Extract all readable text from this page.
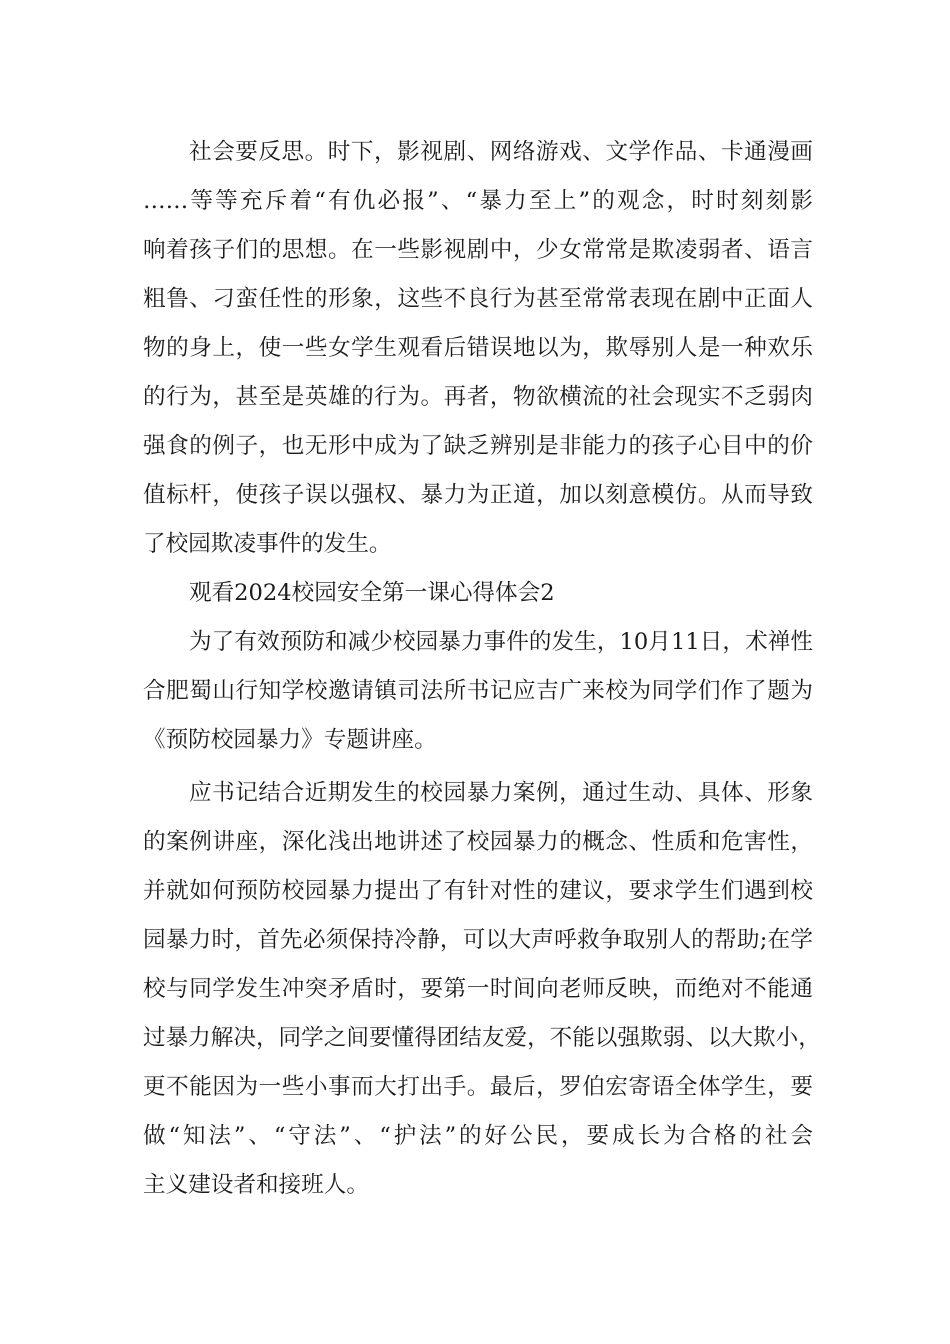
社会要反思。时下，影视剧、网络游戏、文学作品、卡通漫画
……等等充斥着“有仇必报”、“暴力至上”的观念，时时刻刻影
响着孩子们的思想。在一些影视剧中，少女常常是欺凌弱者、语言
粗鲁、刁蛮任性的形象，这些不良行为甚至常常表现在剧中正面人
物的身上，使一些女学生观看后错误地以为，欺辱别人是一种欢乐
的行为，甚至是英雄的行为。再者，物欲横流的社会现实不乏弱肉
强食的例子，也无形中成为了缺乏辨别是非能力的孩子心目中的价
值标杆，使孩子误以强权、暴力为正道，加以刻意模仿。从而导致
了校园欺凌事件的发生。

观看2024校园安全第一课心得体会2

为了有效预防和减少校园暴力事件的发生，10月11日，术禅性
合肥蜀山行知学校邀请镇司法所书记应吉广来校为同学们作了题为
《预防校园暴力》专题讲座。

应书记结合近期发生的校园暴力案例，通过生动、具体、形象
的案例讲座，深化浅出地讲述了校园暴力的概念、性质和危害性，
并就如何预防校园暴力提出了有针对性的建议，要求学生们遇到校
园暴力时，首先必须保持冷静，可以大声呼救争取别人的帮助;在学
校与同学发生冲突矛盾时，要第一时间向老师反映，而绝对不能通
过暴力解决，同学之间要懂得团结友爱，不能以强欺弱、以大欺小，
更不能因为一些小事而大打出手。最后，罗伯宏寄语全体学生，要
做“知法”、“守法”、“护法”的好公民，要成长为合格的社会
主义建设者和接班人。
